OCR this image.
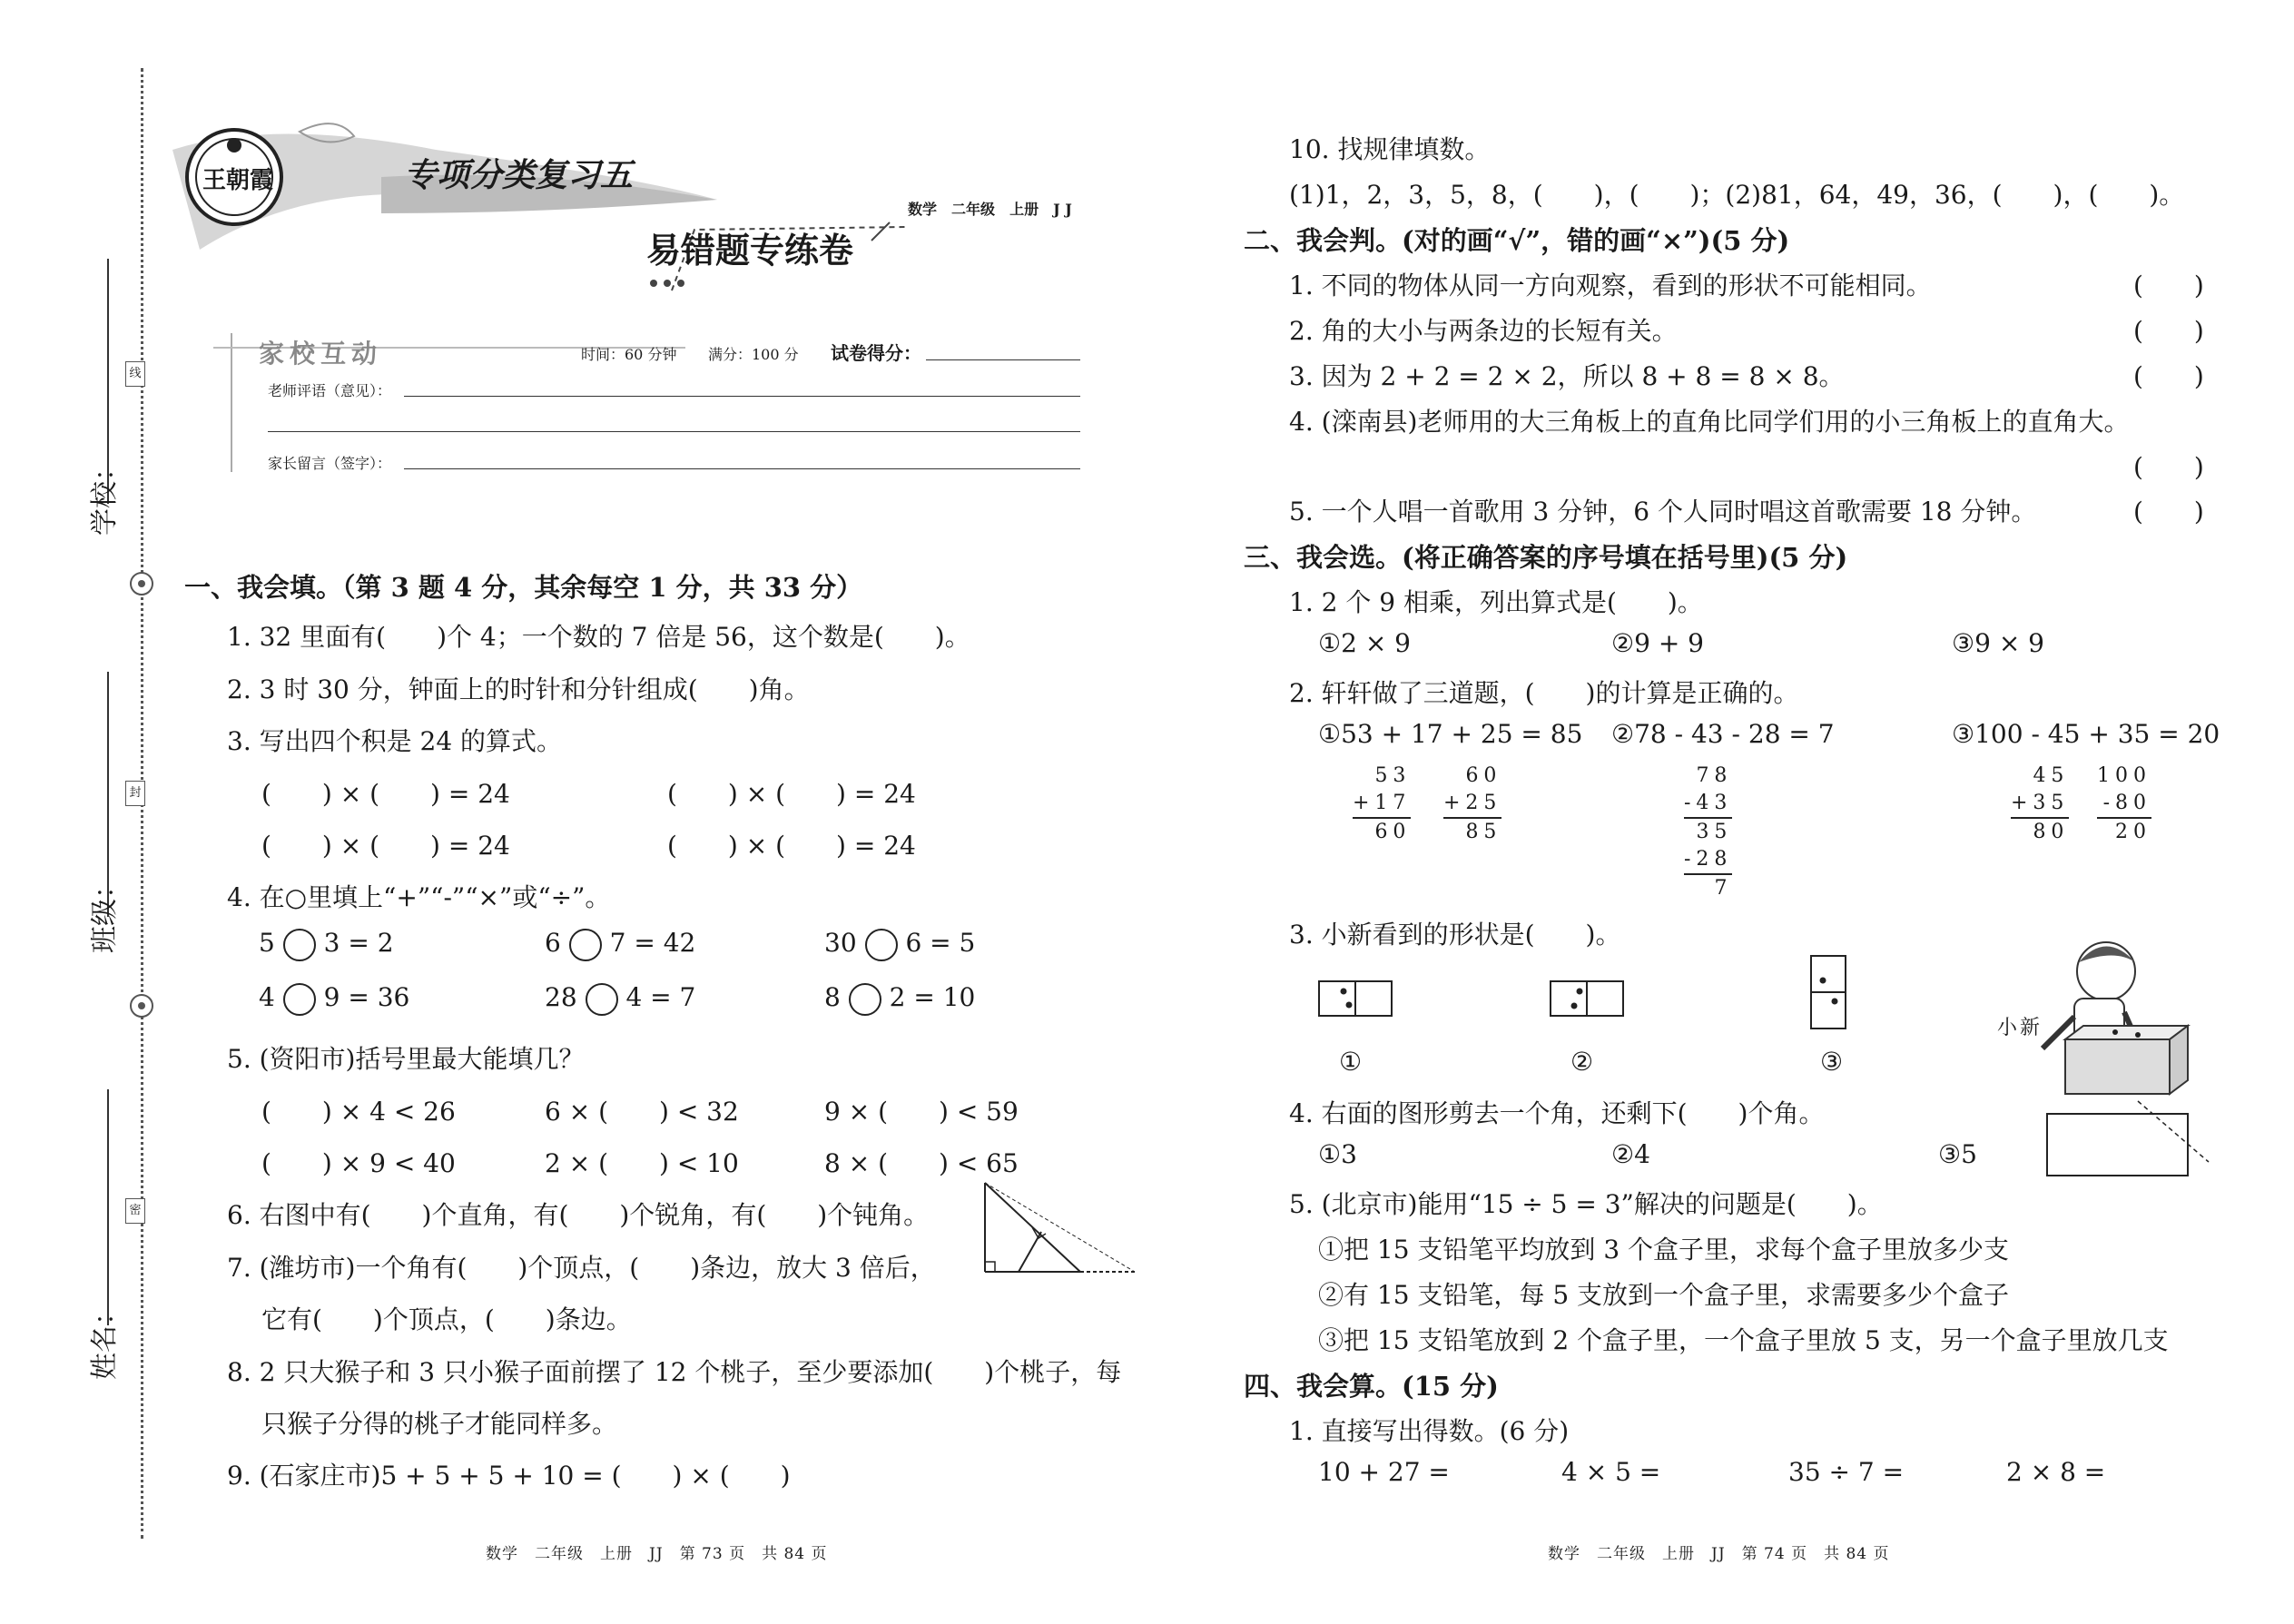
学校：
班级：
姓名：
线
封
密
王朝霞	专项分类复习五
易错题专练卷
数学　 二年级　 上册　 J J
家校互动	时间：60 分钟 满分：100 分 试卷得分：
老师评语（意见）：
家长留言（签字）：
一、我会填。（第 3 题 4 分，其余每空 1 分，共 33 分）
1. 32 里面有(　　)个 4；一个数的 7 倍是 56，这个数是(　　)。
2. 3 时 30 分，钟面上的时针和分针组成(　　)角。
3. 写出四个积是 24 的算式。
(　　) × (　　) = 24	(　　) × (　　) = 24
(　　) × (　　) = 24	(　　) × (　　) = 24
4. 在○里填上“+”“-”“×”或“÷”。
5 3 = 2	6 7 = 42	30 6 = 5
4 9 = 36	28 4 = 7	8 2 = 10
5. (资阳市)括号里最大能填几？
(　　) × 4 < 26	6 × (　　) < 32	9 × (　　) < 59
(　　) × 9 < 40	2 × (　　) < 10	8 × (　　) < 65
6. 右图中有(　　)个直角，有(　　)个锐角，有(　　)个钝角。
7. (潍坊市)一个角有(　　)个顶点，(　　)条边，放大 3 倍后，
它有(　　)个顶点，(　　)条边。
8. 2 只大猴子和 3 只小猴子面前摆了 12 个桃子，至少要添加(　　)个桃子，每
只猴子分得的桃子才能同样多。
9. (石家庄市)5 + 5 + 5 + 10 = (　　) × (　　)
数学　二年级　上册　JJ　第 73 页　共 84 页
10. 找规律填数。
(1)1，2，3，5，8，(　　)，(　　)；(2)81，64，49，36，(　　)，(　　)。
二、我会判。(对的画“√”，错的画“×”)(5 分)
1. 不同的物体从同一方向观察，看到的形状不可能相同。	(　　)
2. 角的大小与两条边的长短有关。	(　　)
3. 因为 2 + 2 = 2 × 2，所以 8 + 8 = 8 × 8。	(　　)
4. (滦南县)老师用的大三角板上的直角比同学们用的小三角板上的直角大。
(　　)
5. 一个人唱一首歌用 3 分钟，6 个人同时唱这首歌需要 18 分钟。	(　　)
三、我会选。(将正确答案的序号填在括号里)(5 分)
1. 2 个 9 相乘，列出算式是(　　)。
①2 × 9	②9 + 9	③9 × 9
2. 轩轩做了三道题，(　　)的计算是正确的。
①53 + 17 + 25 = 85 ②78 - 43 - 28 = 7	③100 - 45 + 35 = 20
53
+17
60
60
+25
85
78
-43
35
-28
7
45
+35
80
100
-80
20
3. 小新看到的形状是(　　)。
①	②	③
小新
4. 右面的图形剪去一个角，还剩下(　　)个角。
①3	②4	③5
5. (北京市)能用“15 ÷ 5 = 3”解决的问题是(　　)。
①把 15 支铅笔平均放到 3 个盒子里，求每个盒子里放多少支
②有 15 支铅笔，每 5 支放到一个盒子里，求需要多少个盒子
③把 15 支铅笔放到 2 个盒子里，一个盒子里放 5 支，另一个盒子里放几支
四、我会算。(15 分)
1. 直接写出得数。(6 分)
10 + 27 =	4 × 5 =	35 ÷ 7 =	2 × 8 =
数学　二年级　上册　JJ　第 74 页　共 84 页
